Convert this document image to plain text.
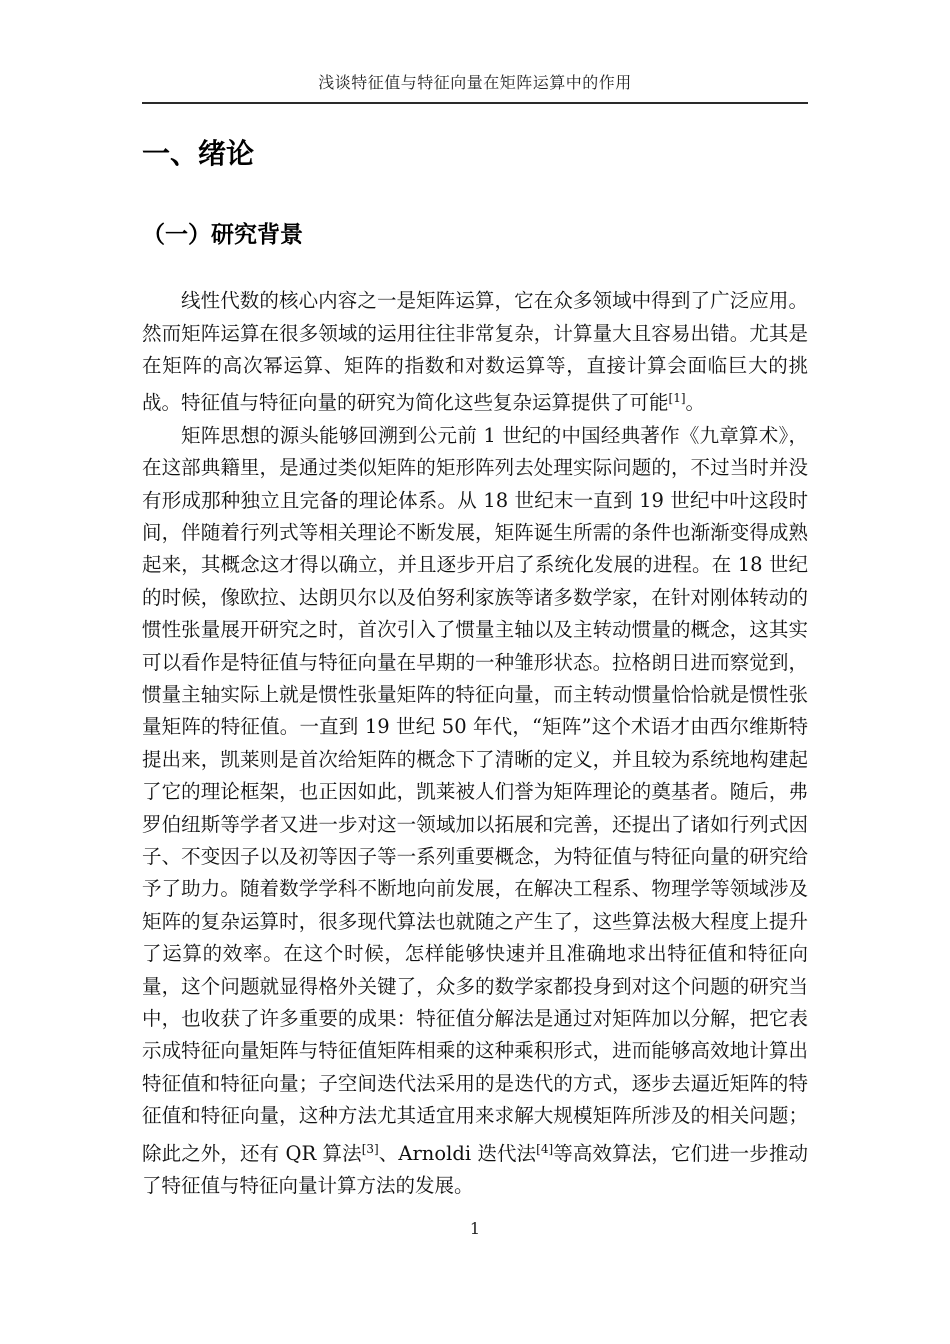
浅谈特征值与特征向量在矩阵运算中的作用
一、绪论
（一）研究背景

线性代数的核心内容之一是矩阵运算，它在众多领域中得到了广泛应用。然而矩阵运算在很多领域的运用往往非常复杂，计算量大且容易出错。尤其是在矩阵的高次幂运算、矩阵的指数和对数运算等，直接计算会面临巨大的挑战。特征值与特征向量的研究为简化这些复杂运算提供了可能[1]。

矩阵思想的源头能够回溯到公元前 1 世纪的中国经典著作《九章算术》，在这部典籍里，是通过类似矩阵的矩形阵列去处理实际问题的，不过当时并没有形成那种独立且完备的理论体系。从 18 世纪末一直到 19 世纪中叶这段时间，伴随着行列式等相关理论不断发展，矩阵诞生所需的条件也渐渐变得成熟起来，其概念这才得以确立，并且逐步开启了系统化发展的进程。在 18 世纪的时候，像欧拉、达朗贝尔以及伯努利家族等诸多数学家，在针对刚体转动的惯性张量展开研究之时，首次引入了惯量主轴以及主转动惯量的概念，这其实可以看作是特征值与特征向量在早期的一种雏形状态。拉格朗日进而察觉到，惯量主轴实际上就是惯性张量矩阵的特征向量，而主转动惯量恰恰就是惯性张量矩阵的特征值。一直到 19 世纪 50 年代，“矩阵”这个术语才由西尔维斯特提出来，凯莱则是首次给矩阵的概念下了清晰的定义，并且较为系统地构建起了它的理论框架，也正因如此，凯莱被人们誉为矩阵理论的奠基者。随后，弗罗伯纽斯等学者又进一步对这一领域加以拓展和完善，还提出了诸如行列式因子、不变因子以及初等因子等一系列重要概念，为特征值与特征向量的研究给予了助力。随着数学学科不断地向前发展，在解决工程系、物理学等领域涉及矩阵的复杂运算时，很多现代算法也就随之产生了，这些算法极大程度上提升了运算的效率。在这个时候，怎样能够快速并且准确地求出特征值和特征向量，这个问题就显得格外关键了，众多的数学家都投身到对这个问题的研究当中，也收获了许多重要的成果：特征值分解法是通过对矩阵加以分解，把它表示成特征向量矩阵与特征值矩阵相乘的这种乘积形式，进而能够高效地计算出特征值和特征向量；子空间迭代法采用的是迭代的方式，逐步去逼近矩阵的特征值和特征向量，这种方法尤其适宜用来求解大规模矩阵所涉及的相关问题；除此之外，还有 QR 算法[3]、Arnoldi 迭代法[4]等高效算法，它们进一步推动了特征值与特征向量计算方法的发展。

1
